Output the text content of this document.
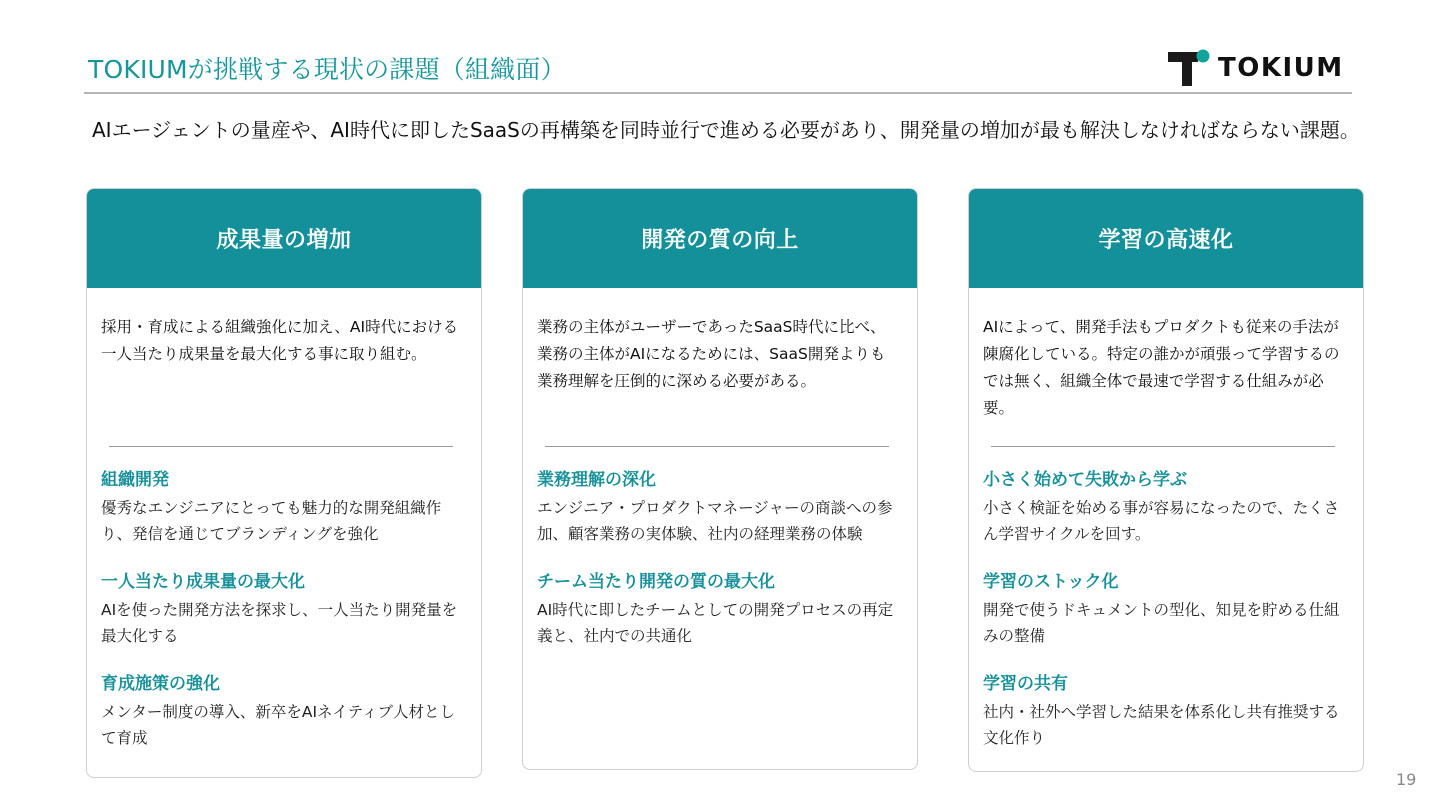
TOKIUMが挑戦する現状の課題（組織面）	TOKIUM
AIエージェントの量産や、AI時代に即したSaaSの再構築を同時並行で進める必要があり、開発量の増加が最も解決しなければならない課題。
成果量の増加
採用・育成による組織強化に加え、AI時代における一人当たり成果量を最大化する事に取り組む。
組織開発
優秀なエンジニアにとっても魅力的な開発組織作り、発信を通じてブランディングを強化
一人当たり成果量の最大化
AIを使った開発方法を探求し、一人当たり開発量を最大化する
育成施策の強化
メンター制度の導入、新卒をAIネイティブ人材として育成
開発の質の向上
業務の主体がユーザーであったSaaS時代に比べ、業務の主体がAIになるためには、SaaS開発よりも業務理解を圧倒的に深める必要がある。
業務理解の深化
エンジニア・プロダクトマネージャーの商談への参加、顧客業務の実体験、社内の経理業務の体験
チーム当たり開発の質の最大化
AI時代に即したチームとしての開発プロセスの再定義と、社内での共通化
学習の高速化
AIによって、開発手法もプロダクトも従来の手法が陳腐化している。特定の誰かが頑張って学習するのでは無く、組織全体で最速で学習する仕組みが必要。
小さく始めて失敗から学ぶ
小さく検証を始める事が容易になったので、たくさん学習サイクルを回す。
学習のストック化
開発で使うドキュメントの型化、知見を貯める仕組みの整備
学習の共有
社内・社外へ学習した結果を体系化し共有推奨する文化作り
19
